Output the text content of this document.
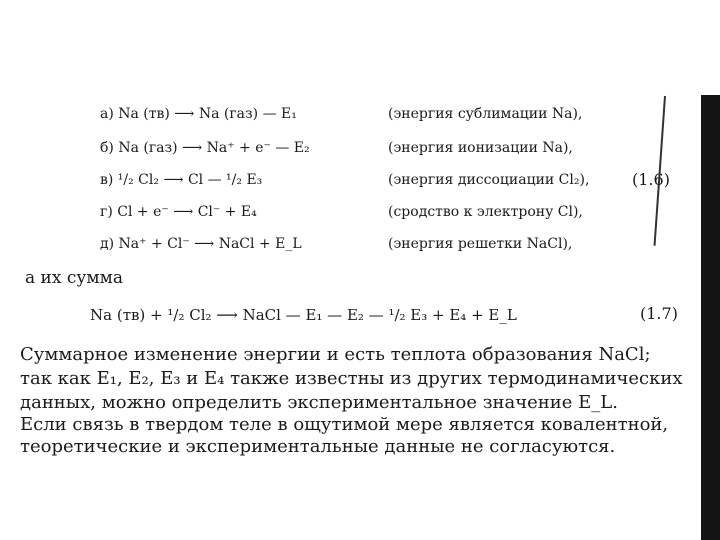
а) Na (тв) ⟶ Na (газ) — E₁	(энергия сублимации Na),
б) Na (газ) ⟶ Na⁺ + e⁻ — E₂	(энергия ионизации Na),
в) ¹/₂ Cl₂ ⟶ Cl — ¹/₂ E₃	(энергия диссоциации Cl₂),	(1.6)
г) Cl + e⁻ ⟶ Cl⁻ + E₄	(сродство к электрону Cl),
д) Na⁺ + Cl⁻ ⟶ NaCl + E_L	(энергия решетки NaCl),
а их сумма
Na (тв) + ¹/₂ Cl₂ ⟶ NaCl — E₁ — E₂ — ¹/₂ E₃ + E₄ + E_L	(1.7)
Суммарное изменение энергии и есть теплота образования NaCl;
так как E₁, E₂, E₃ и E₄ также известны из других термодинамических
данных, можно определить экспериментальное значение E_L.
Если связь в твердом теле в ощутимой мере является ковалентной,
теоретические и экспериментальные данные не согласуются.
